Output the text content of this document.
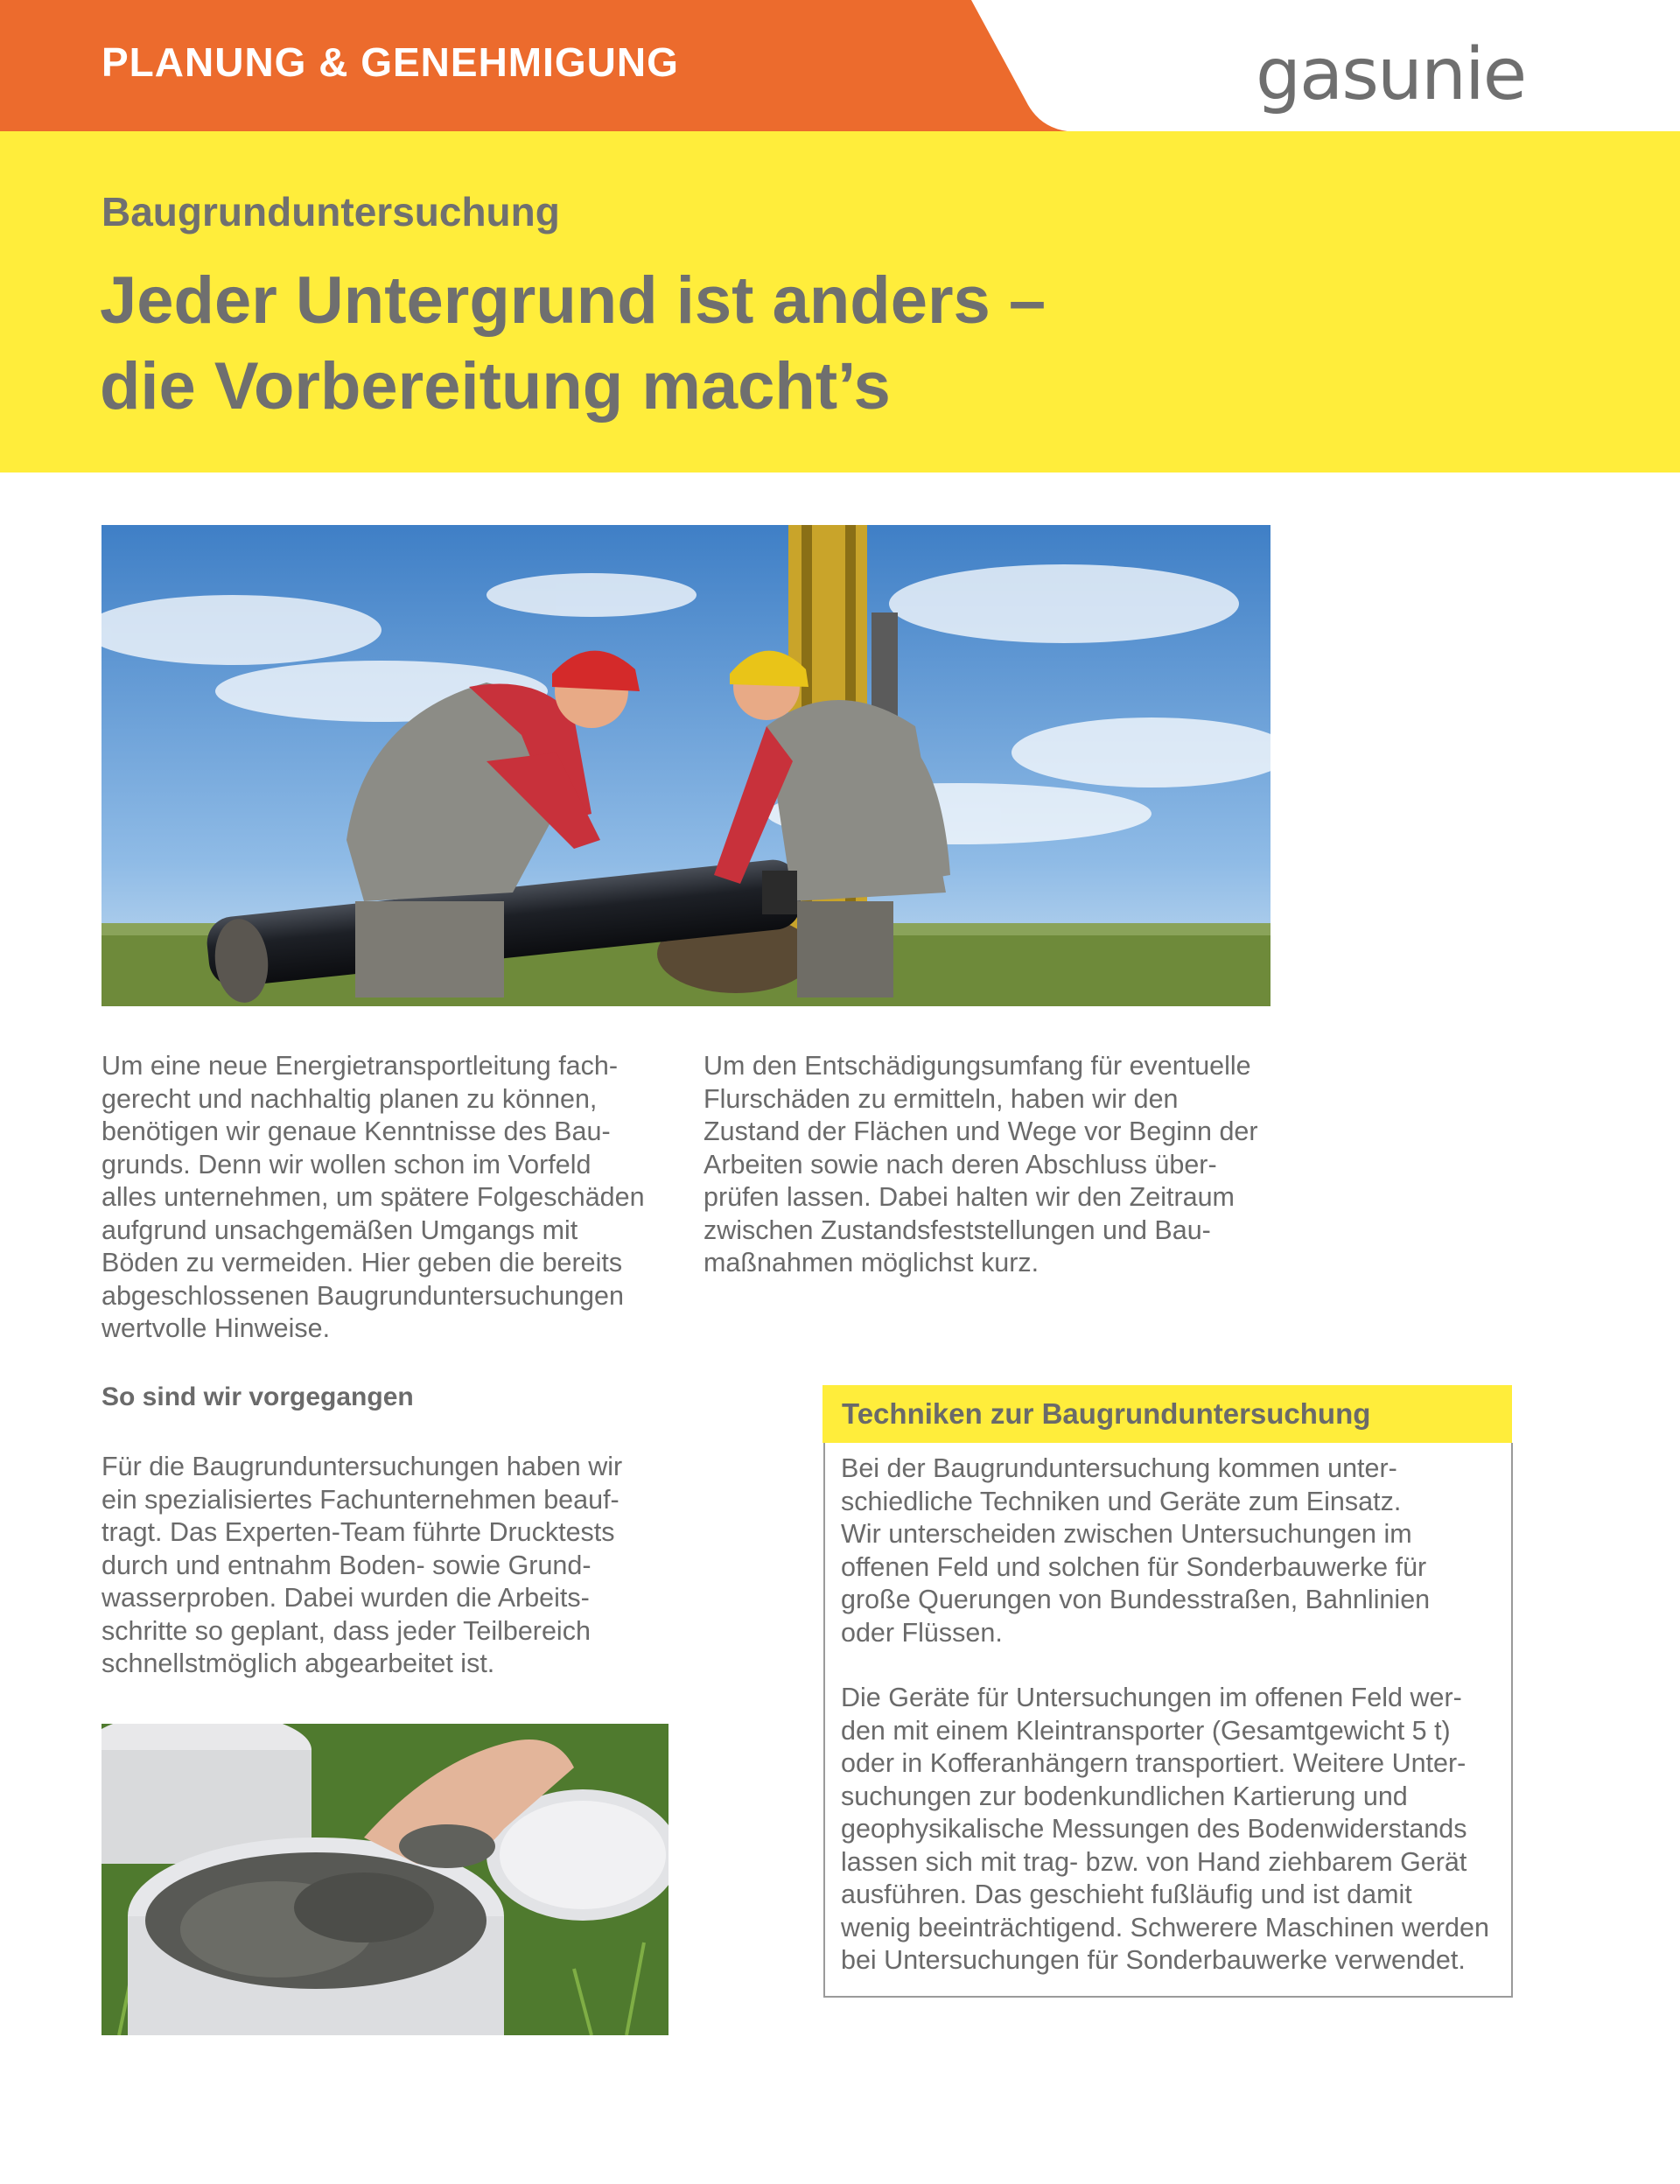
PLANUNG & GENEHMIGUNG	gasunie
Baugrunduntersuchung
Jeder Untergrund ist anders –
die Vorbereitung macht’s
Um eine neue Energietransportleitung fach-
gerecht und nachhaltig planen zu können,
benötigen wir genaue Kenntnisse des Bau-
grunds. Denn wir wollen schon im Vorfeld
alles unternehmen, um spätere Folgeschäden
aufgrund unsachgemäßen Umgangs mit
Böden zu vermeiden. Hier geben die bereits
abgeschlossenen Baugrunduntersuchungen
wertvolle Hinweise.
Um den Entschädigungsumfang für eventuelle
Flurschäden zu ermitteln, haben wir den
Zustand der Flächen und Wege vor Beginn der
Arbeiten sowie nach deren Abschluss über-
prüfen lassen. Dabei halten wir den Zeitraum
zwischen Zustandsfeststellungen und Bau-
maßnahmen möglichst kurz.
So sind wir vorgegangen
Für die Baugrunduntersuchungen haben wir
ein spezialisiertes Fachunternehmen beauf-
tragt. Das Experten-Team führte Drucktests
durch und entnahm Boden- sowie Grund-
wasserproben. Dabei wurden die Arbeits-
schritte so geplant, dass jeder Teilbereich
schnellstmöglich abgearbeitet ist.
Techniken zur Baugrunduntersuchung
Bei der Baugrunduntersuchung kommen unter-
schiedliche Techniken und Geräte zum Einsatz.
Wir unterscheiden zwischen Untersuchungen im
offenen Feld und solchen für Sonderbauwerke für
große Querungen von Bundesstraßen, Bahnlinien
oder Flüssen.
Die Geräte für Untersuchungen im offenen Feld wer-
den mit einem Kleintransporter (Gesamtgewicht 5 t)
oder in Kofferanhängern transportiert. Weitere Unter-
suchungen zur bodenkundlichen Kartierung und
geophysikalische Messungen des Bodenwiderstands
lassen sich mit trag- bzw. von Hand ziehbarem Gerät
ausführen. Das geschieht fußläufig und ist damit
wenig beeinträchtigend. Schwerere Maschinen werden
bei Untersuchungen für Sonderbauwerke verwendet.
